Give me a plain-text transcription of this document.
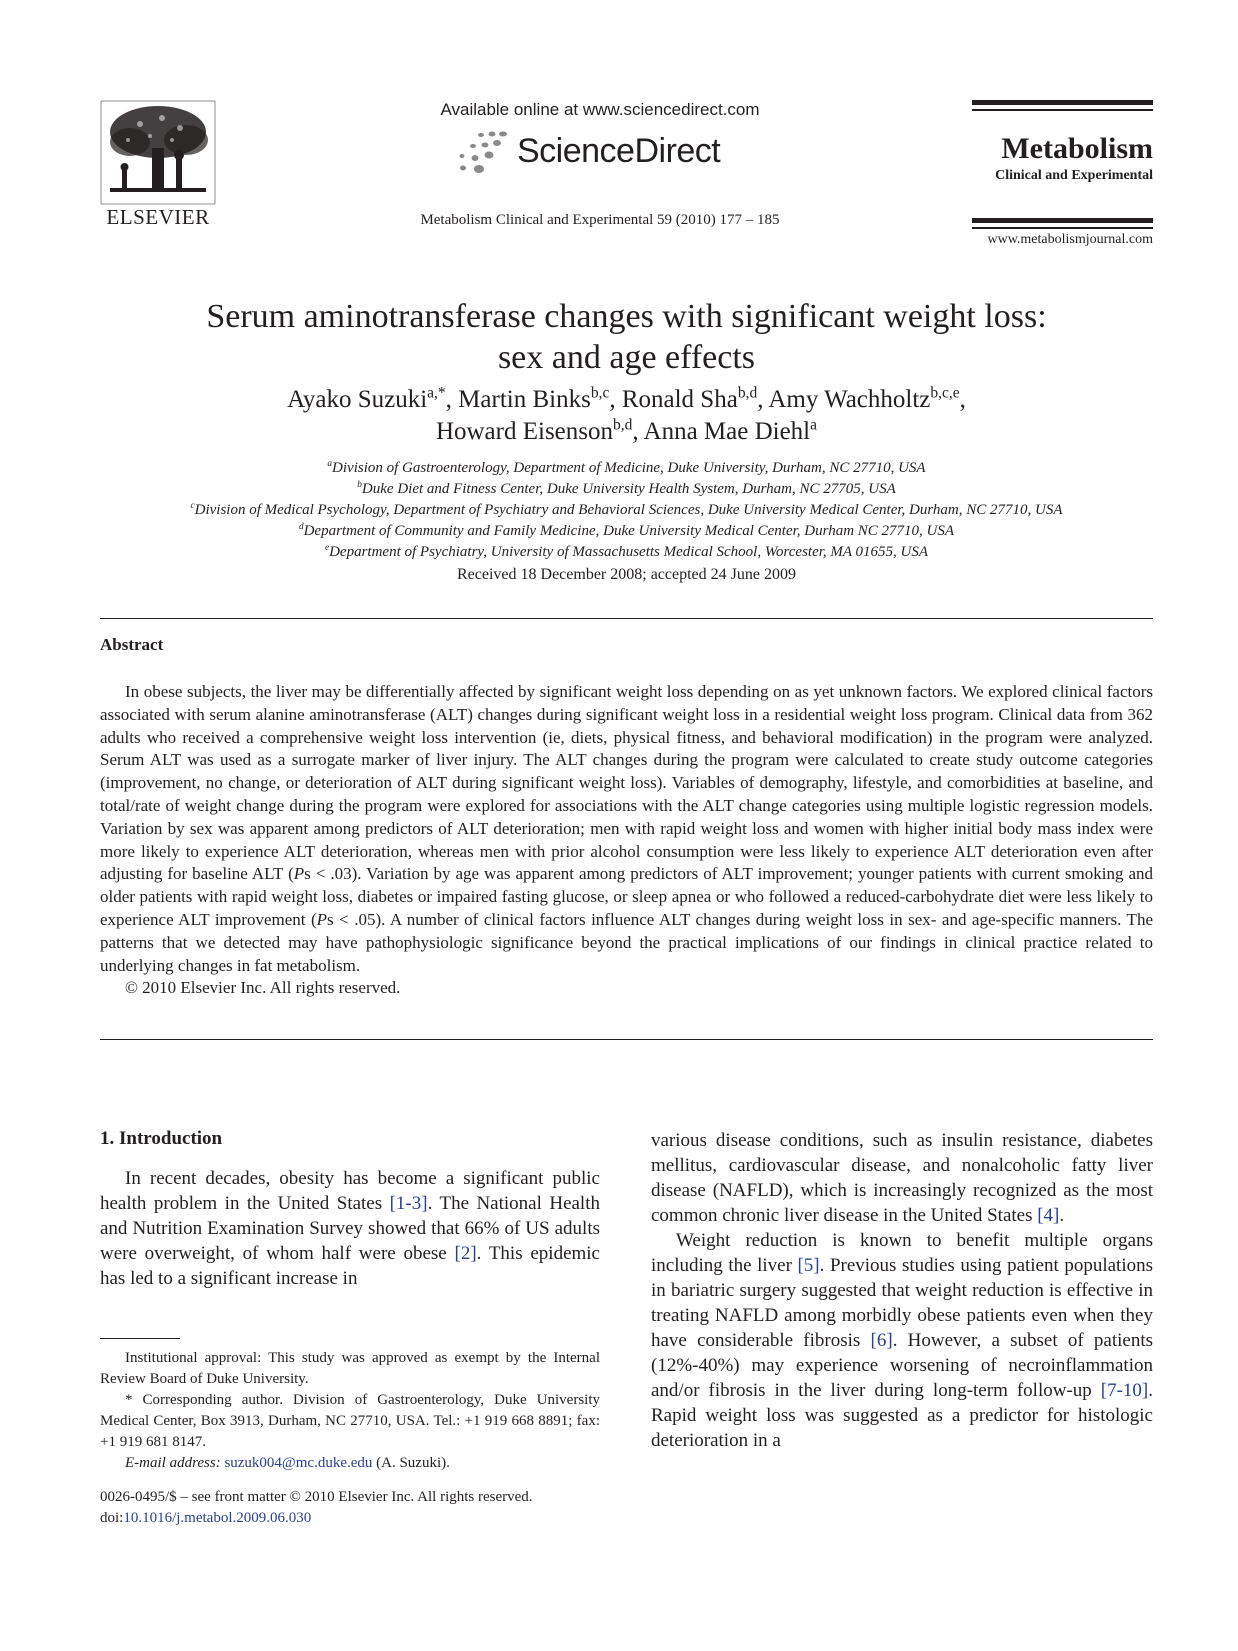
ELSEVIER
Available online at www.sciencedirect.com
ScienceDirect
Metabolism Clinical and Experimental 59 (2010) 177 – 185
Metabolism
Clinical and Experimental
www.metabolismjournal.com
Serum aminotransferase changes with significant weight loss:
sex and age effects
Ayako Suzuki$^{a,*}$, Martin Binks$^{b,c}$, Ronald Sha$^{b,d}$, Amy Wachholtz$^{b,c,e}$,
Howard Eisenson$^{b,d}$, Anna Mae Diehl$^a$
$^a$Division of Gastroenterology, Department of Medicine, Duke University, Durham, NC 27710, USA
$^b$Duke Diet and Fitness Center, Duke University Health System, Durham, NC 27705, USA
$^c$Division of Medical Psychology, Department of Psychiatry and Behavioral Sciences, Duke University Medical Center, Durham, NC 27710, USA
$^d$Department of Community and Family Medicine, Duke University Medical Center, Durham NC 27710, USA
$^e$Department of Psychiatry, University of Massachusetts Medical School, Worcester, MA 01655, USA
Received 18 December 2008; accepted 24 June 2009
Abstract

In obese subjects, the liver may be differentially affected by significant weight loss depending on as yet unknown factors. We explored clinical factors associated with serum alanine aminotransferase (ALT) changes during significant weight loss in a residential weight loss program. Clinical data from 362 adults who received a comprehensive weight loss intervention (ie, diets, physical fitness, and behavioral modification) in the program were analyzed. Serum ALT was used as a surrogate marker of liver injury. The ALT changes during the program were calculated to create study outcome categories (improvement, no change, or deterioration of ALT during significant weight loss). Variables of demography, lifestyle, and comorbidities at baseline, and total/rate of weight change during the program were explored for associations with the ALT change categories using multiple logistic regression models. Variation by sex was apparent among predictors of ALT deterioration; men with rapid weight loss and women with higher initial body mass index were more likely to experience ALT deterioration, whereas men with prior alcohol consumption were less likely to experience ALT deterioration even after adjusting for baseline ALT (Ps < .03). Variation by age was apparent among predictors of ALT improvement; younger patients with current smoking and older patients with rapid weight loss, diabetes or impaired fasting glucose, or sleep apnea or who followed a reduced-carbohydrate diet were less likely to experience ALT improvement (Ps < .05). A number of clinical factors influence ALT changes during weight loss in sex- and age-specific manners. The patterns that we detected may have pathophysiologic significance beyond the practical implications of our findings in clinical practice related to underlying changes in fat metabolism.

© 2010 Elsevier Inc. All rights reserved.

1. Introduction

In recent decades, obesity has become a significant public health problem in the United States [1-3]. The National Health and Nutrition Examination Survey showed that 66% of US adults were overweight, of whom half were obese [2]. This epidemic has led to a significant increase in

various disease conditions, such as insulin resistance, diabetes mellitus, cardiovascular disease, and nonalcoholic fatty liver disease (NAFLD), which is increasingly recognized as the most common chronic liver disease in the United States [4].

Weight reduction is known to benefit multiple organs including the liver [5]. Previous studies using patient populations in bariatric surgery suggested that weight reduction is effective in treating NAFLD among morbidly obese patients even when they have considerable fibrosis [6]. However, a subset of patients (12%-40%) may experience worsening of necroinflammation and/or fibrosis in the liver during long-term follow-up [7-10]. Rapid weight loss was suggested as a predictor for histologic deterioration in a

Institutional approval: This study was approved as exempt by the Internal Review Board of Duke University.

* Corresponding author. Division of Gastroenterology, Duke University Medical Center, Box 3913, Durham, NC 27710, USA. Tel.: +1 919 668 8891; fax: +1 919 681 8147.

E-mail address: suzuk004@mc.duke.edu (A. Suzuki).

0026-0495/$ – see front matter © 2010 Elsevier Inc. All rights reserved.
doi:10.1016/j.metabol.2009.06.030
